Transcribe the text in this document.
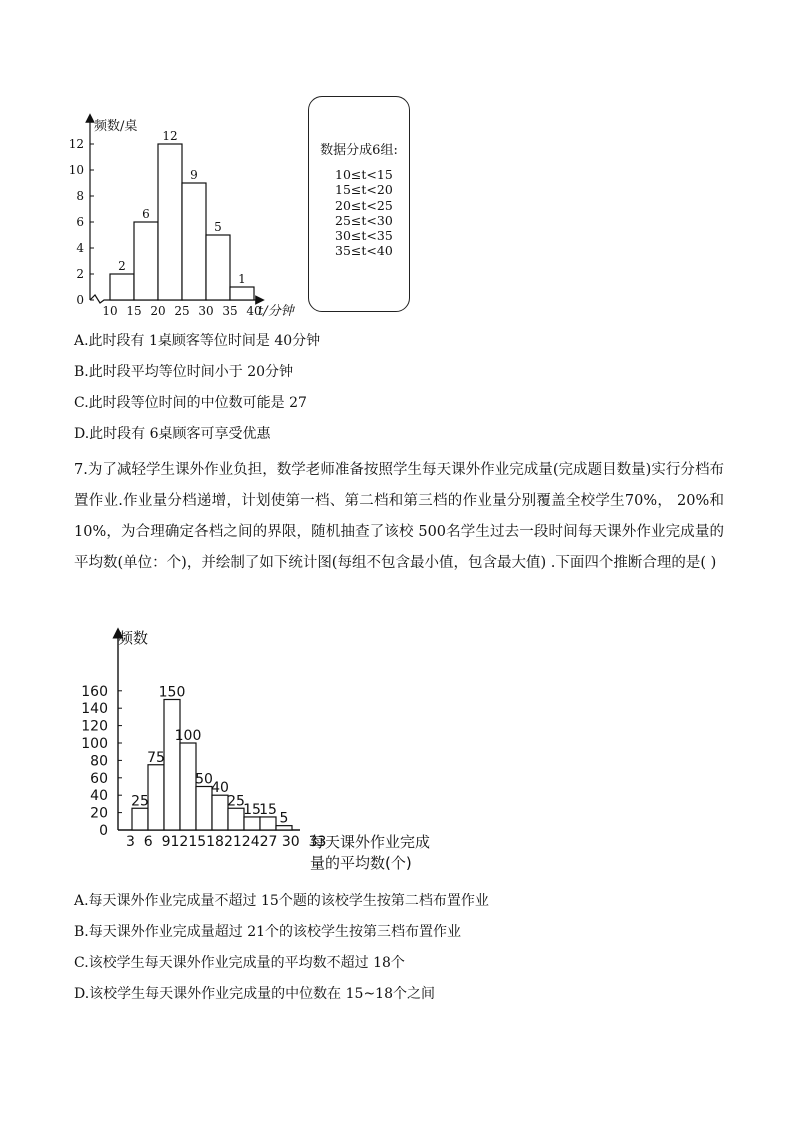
0
2
4
6
8
10
12
10 15 20 25 30 35 40
2
6
12
9
5
1
频数/桌
t/分钟
数据分成6组:
10≤t<15
15≤t<20
20≤t<25
25≤t<30
30≤t<35
35≤t<40
A.此时段有 1桌顾客等位时间是 40分钟
B.此时段平均等位时间小于 20分钟
C.此时段等位时间的中位数可能是 27
D.此时段有 6桌顾客可享受优惠
7.为了减轻学生课外作业负担，数学老师准备按照学生每天课外作业完成量(完成题目数量)实行分档布置作业.作业量分档递增，计划使第一档、第二档和第三档的作业量分别覆盖全校学生70%， 20%和10%，为合理确定各档之间的界限，随机抽查了该校 500名学生过去一段时间每天课外作业完成量的平均数(单位：个)，并绘制了如下统计图(每组不包含最小值，包含最大值) .下面四个推断合理的是( )
0
20
40
60
80
100
120
140
160
25
75
150
100
50
40
25
15
15
5
频数
3  6  9121518212427 30  33
每天课外作业完成
量的平均数(个)
A.每天课外作业完成量不超过 15个题的该校学生按第二档布置作业
B.每天课外作业完成量超过 21个的该校学生按第三档布置作业
C.该校学生每天课外作业完成量的平均数不超过 18个
D.该校学生每天课外作业完成量的中位数在 15~18个之间
